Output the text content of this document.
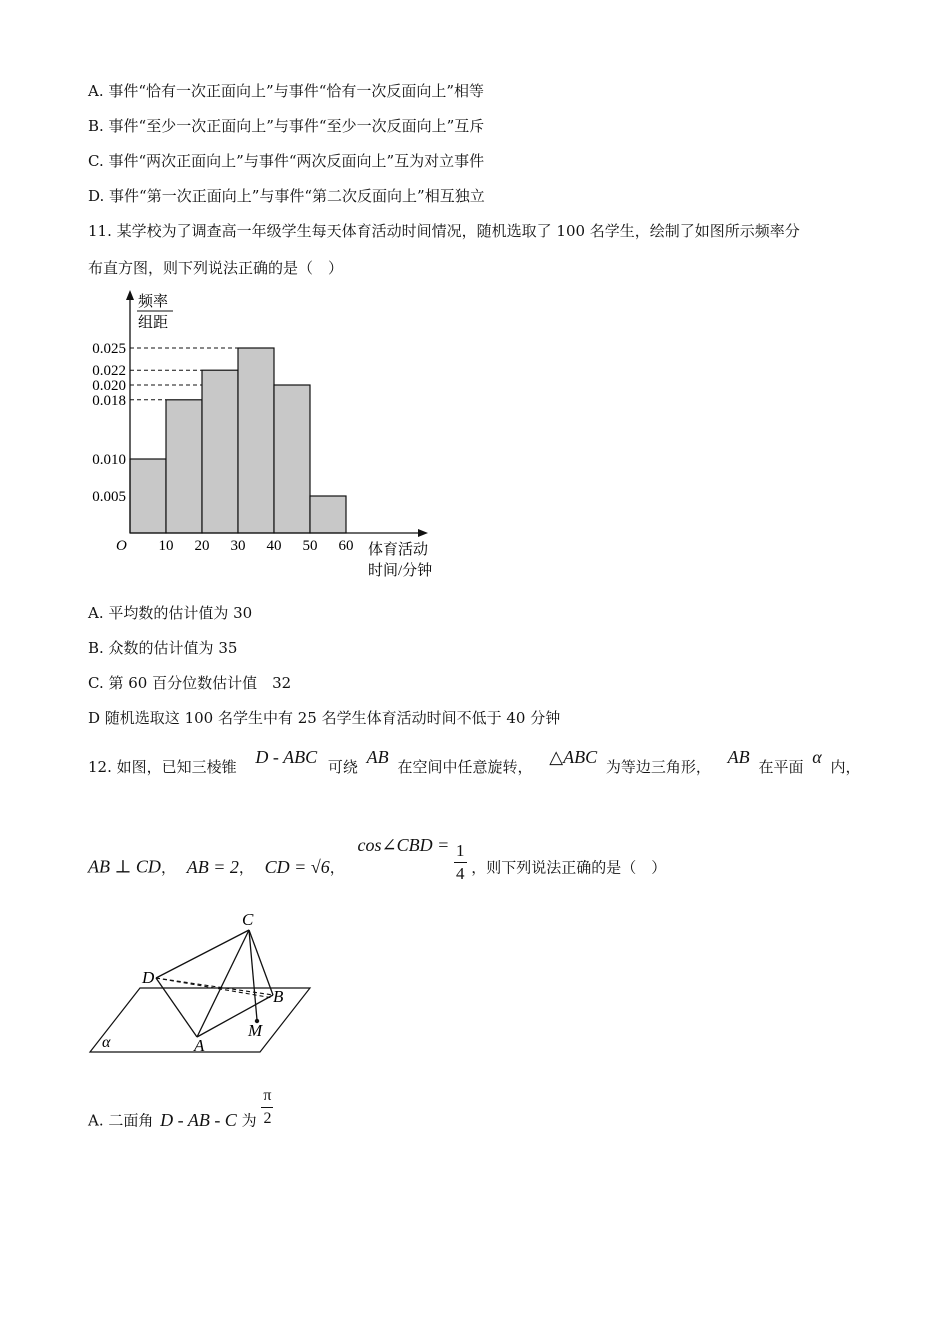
A. 事件“恰有一次正面向上”与事件“恰有一次反面向上”相等
B. 事件“至少一次正面向上”与事件“至少一次反面向上”互斥
C. 事件“两次正面向上”与事件“两次反面向上”互为对立事件
D. 事件“第一次正面向上”与事件“第二次反面向上”相互独立
11. 某学校为了调查高一年级学生每天体育活动时间情况，随机选取了 100 名学生，绘制了如图所示频率分
布直方图，则下列说法正确的是（　）
频率
组距
O	体育活动
时间/分钟
10 20 30 40 50 60
0.025
0.022
0.020
0.018
0.010
0.005
A. 平均数的估计值为 30
B. 众数的估计值为 35
C. 第 60 百分位数估计值　32
D 随机选取这 100 名学生中有 25 名学生体育活动时间不低于 40 分钟
12. 如图，已知三棱锥 D - ABC 可绕 AB 在空间中任意旋转， △ABC 为等边三角形， AB 在平面 α 内，
AB ⊥ CD， AB = 2， CD = √6， cos∠CBD = $\frac{1}{4}$ ，则下列说法正确的是（　）
C
D
B
M
A
α
A. 二面角 D - AB - C 为 $\frac{\pi}{2}$
